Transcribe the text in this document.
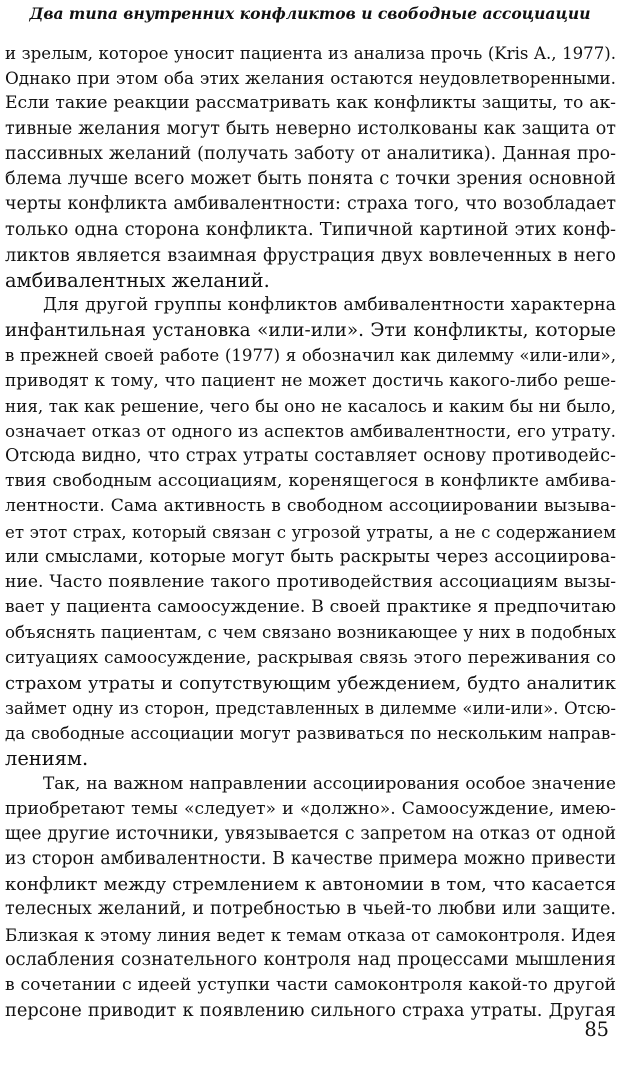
Два типа внутренних конфликтов и свободные ассоциации
и зрелым, которое уносит пациента из анализа прочь (Kris A., 1977).
Однако при этом оба этих желания остаются неудовлетворенными.
Если такие реакции рассматривать как конфликты защиты, то ак-
тивные желания могут быть неверно истолкованы как защита от
пассивных желаний (получать заботу от аналитика). Данная про-
блема лучше всего может быть понята с точки зрения основной
черты конфликта амбивалентности: страха того, что возобладает
только одна сторона конфликта. Типичной картиной этих конф-
ликтов является взаимная фрустрация двух вовлеченных в него
амбивалентных желаний.
Для другой группы конфликтов амбивалентности характерна
инфантильная установка «или-или». Эти конфликты, которые
в прежней своей работе (1977) я обозначил как дилемму «или-или»,
приводят к тому, что пациент не может достичь какого-либо реше-
ния, так как решение, чего бы оно не касалось и каким бы ни было,
означает отказ от одного из аспектов амбивалентности, его утрату.
Отсюда видно, что страх утраты составляет основу противодейс-
твия свободным ассоциациям, коренящегося в конфликте амбива-
лентности. Сама активность в свободном ассоциировании вызыва-
ет этот страх, который связан с угрозой утраты, а не с содержанием
или смыслами, которые могут быть раскрыты через ассоциирова-
ние. Часто появление такого противодействия ассоциациям вызы-
вает у пациента самоосуждение. В своей практике я предпочитаю
объяснять пациентам, с чем связано возникающее у них в подобных
ситуациях самоосуждение, раскрывая связь этого переживания со
страхом утраты и сопутствующим убеждением, будто аналитик
займет одну из сторон, представленных в дилемме «или-или». Отсю-
да свободные ассоциации могут развиваться по нескольким направ-
лениям.
Так, на важном направлении ассоциирования особое значение
приобретают темы «следует» и «должно». Самоосуждение, имею-
щее другие источники, увязывается с запретом на отказ от одной
из сторон амбивалентности. В качестве примера можно привести
конфликт между стремлением к автономии в том, что касается
телесных желаний, и потребностью в чьей-то любви или защите.
Близкая к этому линия ведет к темам отказа от самоконтроля. Идея
ослабления сознательного контроля над процессами мышления
в сочетании с идеей уступки части самоконтроля какой-то другой
персоне приводит к появлению сильного страха утраты. Другая
85
